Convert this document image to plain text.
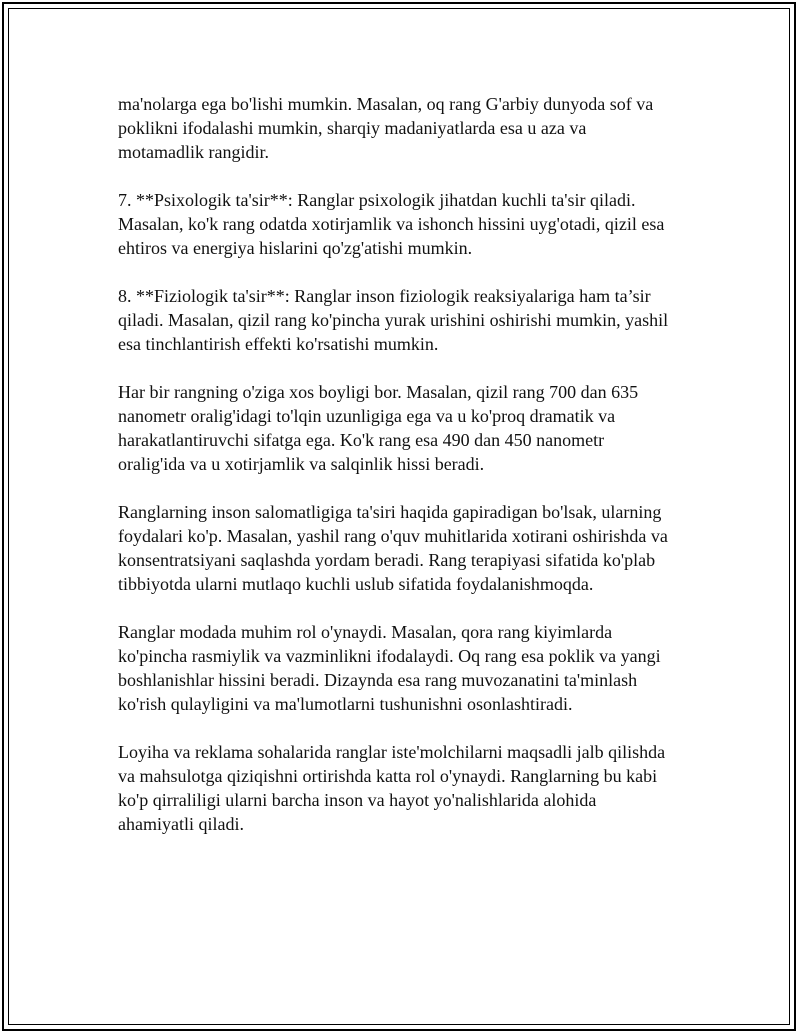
ma'nolarga ega bo'lishi mumkin. Masalan, oq rang G'arbiy dunyoda sof va
poklikni ifodalashi mumkin, sharqiy madaniyatlarda esa u aza va
motamadlik rangidir.

7. **Psixologik ta'sir**: Ranglar psixologik jihatdan kuchli ta'sir qiladi.
Masalan, ko'k rang odatda xotirjamlik va ishonch hissini uyg'otadi, qizil esa
ehtiros va energiya hislarini qo'zg'atishi mumkin.

8. **Fiziologik ta'sir**: Ranglar inson fiziologik reaksiyalariga ham ta’sir
qiladi. Masalan, qizil rang ko'pincha yurak urishini oshirishi mumkin, yashil
esa tinchlantirish effekti ko'rsatishi mumkin.

Har bir rangning o'ziga xos boyligi bor. Masalan, qizil rang 700 dan 635
nanometr oralig'idagi to'lqin uzunligiga ega va u ko'proq dramatik va
harakatlantiruvchi sifatga ega. Ko'k rang esa 490 dan 450 nanometr
oralig'ida va u xotirjamlik va salqinlik hissi beradi.

Ranglarning inson salomatligiga ta'siri haqida gapiradigan bo'lsak, ularning
foydalari ko'p. Masalan, yashil rang o'quv muhitlarida xotirani oshirishda va
konsentratsiyani saqlashda yordam beradi. Rang terapiyasi sifatida ko'plab
tibbiyotda ularni mutlaqo kuchli uslub sifatida foydalanishmoqda.

Ranglar modada muhim rol o'ynaydi. Masalan, qora rang kiyimlarda
ko'pincha rasmiylik va vazminlikni ifodalaydi. Oq rang esa poklik va yangi
boshlanishlar hissini beradi. Dizaynda esa rang muvozanatini ta'minlash
ko'rish qulayligini va ma'lumotlarni tushunishni osonlashtiradi.

Loyiha va reklama sohalarida ranglar iste'molchilarni maqsadli jalb qilishda
va mahsulotga qiziqishni ortirishda katta rol o'ynaydi. Ranglarning bu kabi
ko'p qirraliligi ularni barcha inson va hayot yo'nalishlarida alohida
ahamiyatli qiladi.
